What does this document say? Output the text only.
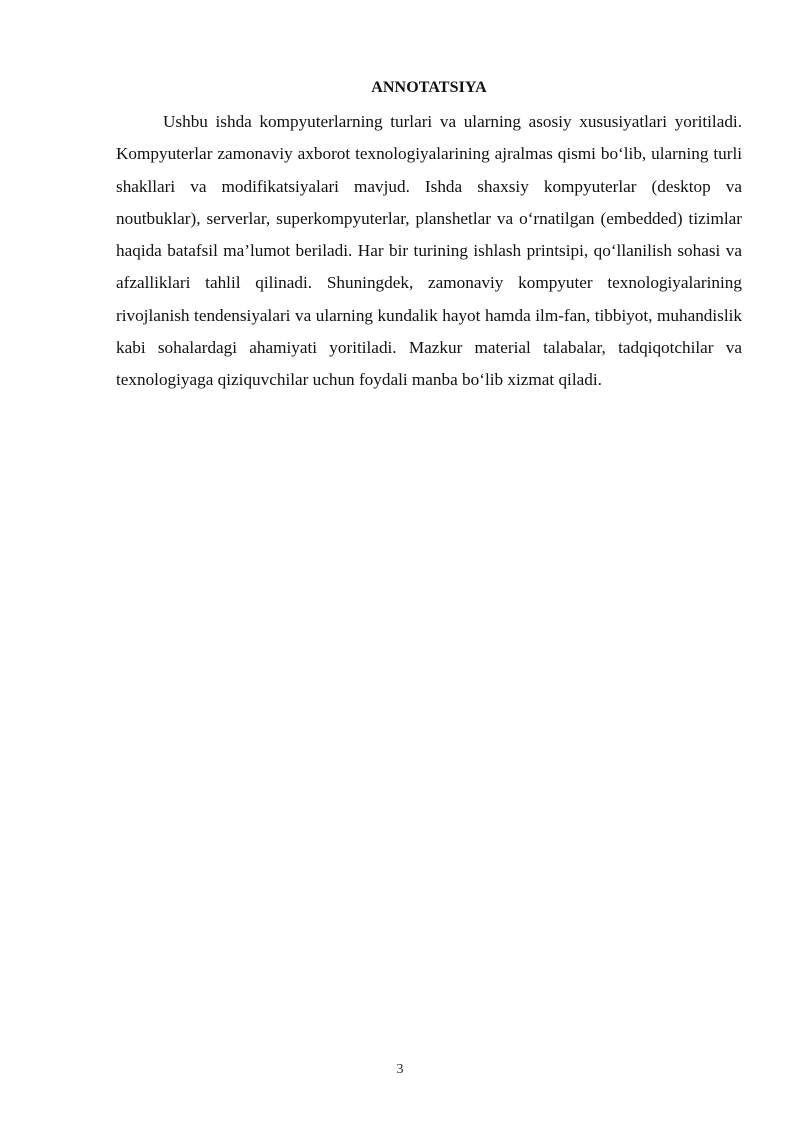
ANNOTATSIYA

Ushbu ishda kompyuterlarning turlari va ularning asosiy xususiyatlari yoritiladi. Kompyuterlar zamonaviy axborot texnologiyalarining ajralmas qismi bo‘lib, ularning turli shakllari va modifikatsiyalari mavjud. Ishda shaxsiy kompyuterlar (desktop va noutbuklar), serverlar, superkompyuterlar, planshetlar va o‘rnatilgan (embedded) tizimlar haqida batafsil ma’lumot beriladi. Har bir turining ishlash printsipi, qo‘llanilish sohasi va afzalliklari tahlil qilinadi. Shuningdek, zamonaviy kompyuter texnologiyalarining rivojlanish tendensiyalari va ularning kundalik hayot hamda ilm-fan, tibbiyot, muhandislik kabi sohalardagi ahamiyati yoritiladi. Mazkur material talabalar, tadqiqotchilar va texnologiyaga qiziquvchilar uchun foydali manba bo‘lib xizmat qiladi.

3
